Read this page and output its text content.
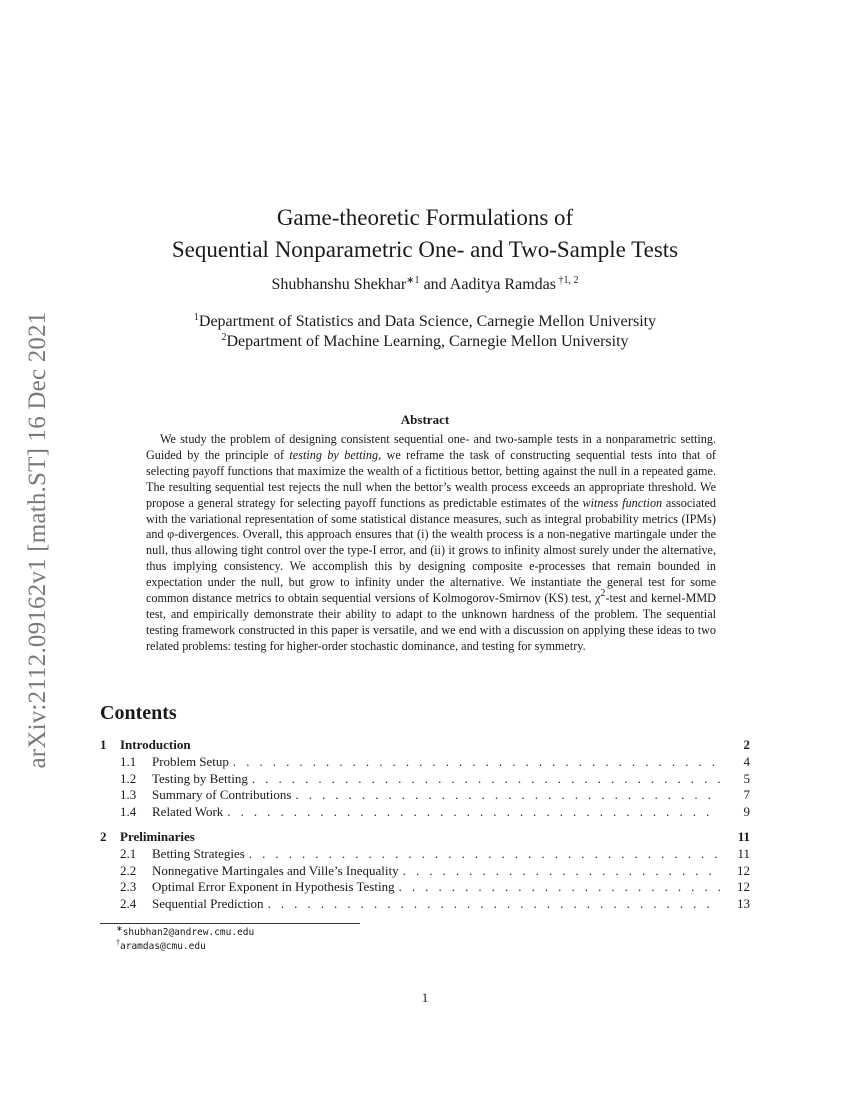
arXiv:2112.09162v1 [math.ST] 16 Dec 2021
Game-theoretic Formulations of
Sequential Nonparametric One- and Two-Sample Tests
Shubhanshu Shekhar$^{∗1}$ and Aaditya Ramdas $^{\dagger 1, 2}$
$^1$Department of Statistics and Data Science, Carnegie Mellon University
$^2$Department of Machine Learning, Carnegie Mellon University
Abstract
We study the problem of designing consistent sequential one- and two-sample tests in a nonparametric setting. Guided by the principle of testing by betting, we reframe the task of constructing sequential tests into that of selecting payoff functions that maximize the wealth of a fictitious bettor, betting against the null in a repeated game. The resulting sequential test rejects the null when the bettor’s wealth process exceeds an appropriate threshold. We propose a general strategy for selecting payoff functions as predictable estimates of the witness function associated with the variational representation of some statistical distance measures, such as integral probability metrics (IPMs) and φ-divergences. Overall, this approach ensures that (i) the wealth process is a non-negative martingale under the null, thus allowing tight control over the type-I error, and (ii) it grows to infinity almost surely under the alternative, thus implying consistency. We accomplish this by designing composite e-processes that remain bounded in expectation under the null, but grow to infinity under the alternative. We instantiate the general test for some common distance metrics to obtain sequential versions of Kolmogorov-Smirnov (KS) test, $\chi^2$-test and kernel-MMD test, and empirically demonstrate their ability to adapt to the unknown hardness of the problem. The sequential testing framework constructed in this paper is versatile, and we end with a discussion on applying these ideas to two related problems: testing for higher-order stochastic dominance, and testing for symmetry.
Contents
1	Introduction	2
1.1	Problem Setup . . .	4
1.2	Testing by Betting . . .	5
1.3	Summary of Contributions . . .	7
1.4	Related Work . . .	9
2	Preliminaries	11
2.1	Betting Strategies . . .	11
2.2	Nonnegative Martingales and Ville’s Inequality . . .	12
2.3	Optimal Error Exponent in Hypothesis Testing . . .	12
2.4	Sequential Prediction . . .	13
∗shubhan2@andrew.cmu.edu
†aramdas@cmu.edu
1
